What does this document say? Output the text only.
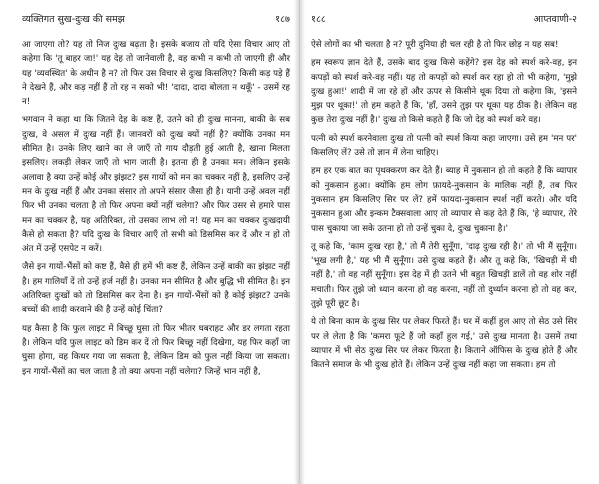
व्यक्तिगत सुख-दुःख की समझ	१८७

आ जाएगा तो? यह तो निज दुःख बढ़ता है। इसके बजाय तो यदि ऐसा विचार आए तो कहेगा कि 'तू बाहर जा!' यह देह तो जानेवाली है, वह कभी न कभी तो जाएगी ही और यह 'व्यवस्थित' के अधीन है न? तो फिर उस विचार से दुःख किसलिए? किसी कड़ पड़े हैं ने देखने हैं, और कड़ नहीं हैं तो रह न सको भी! 'दादा, दादा बोलता न थकूँ' - उसमें रह न!

भगवान ने कहा था कि जितने देह के कष्ट हैं, उतने को ही दुःख मानना, बाकी के सब दुःख, वे असल में दुःख नहीं हैं। जानवरों को दुःख क्यों नहीं है? क्योंकि उनका मन सीमित है। उनके लिए खाने का ले जाएँ तो गाय दौड़ती हुई आती है, खाना मिलता इसलिए। लकड़ी लेकर जाएँ तो भाग जाती है। इतना ही है उनका मन। लेकिन इसके अलावा है क्या उन्हें कोई और झंझट? इस गायों को मन का चक्कर नहीं है, इसलिए उन्हें मन के दुःख नहीं हैं और उनका संसार तो अपने संसार जैसा ही है। यानी उन्हें अवल नहीं फिर भी उनका चलता है तो फिर अपना क्यों नहीं चलेगा? और फिर उसर से हमारे पास मन का चक्कर है, यह अतिरिक्त, तो उसका लाभ लो न! यह मन का चक्कर दुःखदायी कैसे हो सकता है? यदि दुःख के विचार आएँ तो सभी को डिसमिस कर दें और न हो तो अंत में उन्हें एसपेट न करें।

जैसे इन गायों-भैंसों को कष्ट हैं, वैसे ही हमें भी कष्ट हैं, लेकिन उन्हें बाकी का झंझट नहीं है। हम गालियाँ दें तो उन्हें हर्ज नहीं है। उनका मन सीमित है और बुद्धि भी सीमित है। इन अतिरिक्त दुःखों को तो डिसमिस कर देना है। इन गायों-भैंसों को है कोई झंझट? उनके बच्चों की शादी करवाने की है उन्हें कोई चिंता?

यह कैसा है कि फुल लाइट में बिच्छू घुसा तो फिर भीतर घबराहट और डर लगता रहता है। लेकिन यदि फुल लाइट को डिम कर दें तो फिर बिच्छू नहीं दिखेगा, यह फिर कहाँ जा घुसा होगा, वह किधर गया जा सकता है, लेकिन डिम को फुल नहीं किया जा सकता। इन गायों-भैंसों का चल जाता है तो क्या अपना नहीं चलेगा? जिन्हें भान नहीं है,

१८८	आप्तवाणी-२

ऐसे लोगों का भी चलता है न? पूरी दुनिया ही चल रही है तो फिर छोड़ न यह सब!

हम स्वरूप ज्ञान देते हैं, उसके बाद दुःख किसे कहेंगे? इस देह को स्पर्श करे-वह, इन कपड़ों को स्पर्श करे-वह नहीं। यह तो कपड़ों को स्पर्श कर रहा हो तो भी कहेगा, 'मुझे दुःख हुआ!' शादी में जा रहे हों और ऊपर से किसीने थूक दिया तो कहेगा कि, 'इसने मुझ पर थूका!' तो हम कहते हैं कि, 'हाँ, उसने तुझ पर थूका यह ठीक है। लेकिन वह कुछ तेरा दुःख नहीं है।' दुःख तो किसे कहते हैं कि जो देह को स्पर्श करे वह।

पत्नी को स्पर्श करनेवाला दुःख तो पत्नी को स्पर्श किया कहा जाएगा। उसे हम 'मन पर' किसलिए लें? उसे तो ज्ञान में लेना चाहिए।

हम हर एक बात का पृथक्करण कर देते हैं। ब्याह में नुकसान हो तो कहते हैं कि व्यापार को नुकसान हुआ। क्योंकि हम लोग फ़ायदे-नुकसान के मालिक नहीं हैं, तब फिर नुकसान हम किसलिए सिर पर लें? हमें फायदा-नुकसान स्पर्श नहीं करते। और यदि नुकसान हुआ और इन्कम टैक्सवाला आए तो व्यापार से कह देते हैं कि, 'हे व्यापार, तेरे पास चुकाया जा सके उतना हो तो उन्हें चुका दे, दुःख चुकाना है।'

तू कहे कि, 'काम दुःख रहा है,' तो मैं तेरी सुनूँगा, 'दाढ़ दुःख रही है।' तो भी मैं सुनूँगा। 'भूख लगी है,' यह भी मैं सुनूँगा। उसे दुःख कहते हैं। और तू कहे कि, 'खिचड़ी में घी नहीं है,' तो वह नहीं सुनूँगा। इस देह में ही उतने भी बहुत खिचड़ी डालें तो वह शोर नहीं मचाती। फिर तुझे जो ध्यान करना हो वह करना, नहीं तो दुर्ध्यान करना हो तो वह कर, तुझे पूरी छूट है।

ये तो बिना काम के दुःख सिर पर लेकर फिरते हैं। घर में कहीं हुल आए तो सेठ उसे सिर पर ले लेता है कि 'कमरा फूटे हैं जो कहाँ हुल गई,' उसे दुःख मानता है। उसमें तथा व्यापार में भी सेठ दुःख सिर पर लेकर फिरता है। किताने ऑफिस के दुःख होते हैं और कितने समाज के भी दुःख होते हैं। लेकिन उन्हें दुःख नहीं कहा जा सकता। हम तो
